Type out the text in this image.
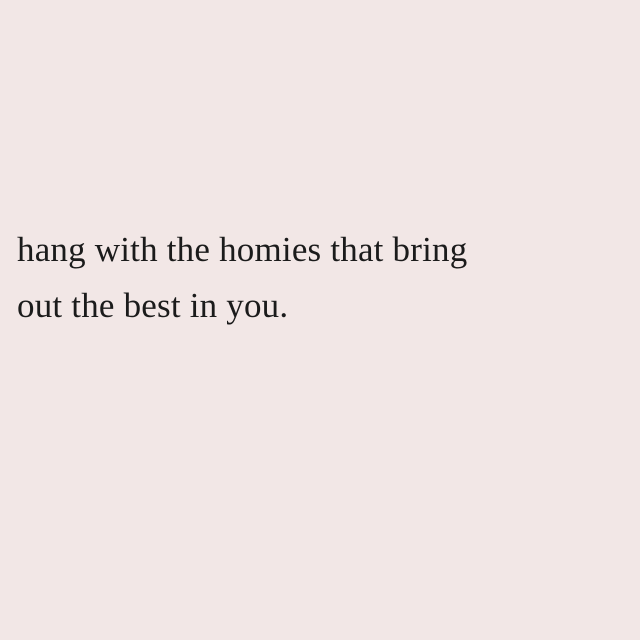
hang with the homies that bring
out the best in you.
